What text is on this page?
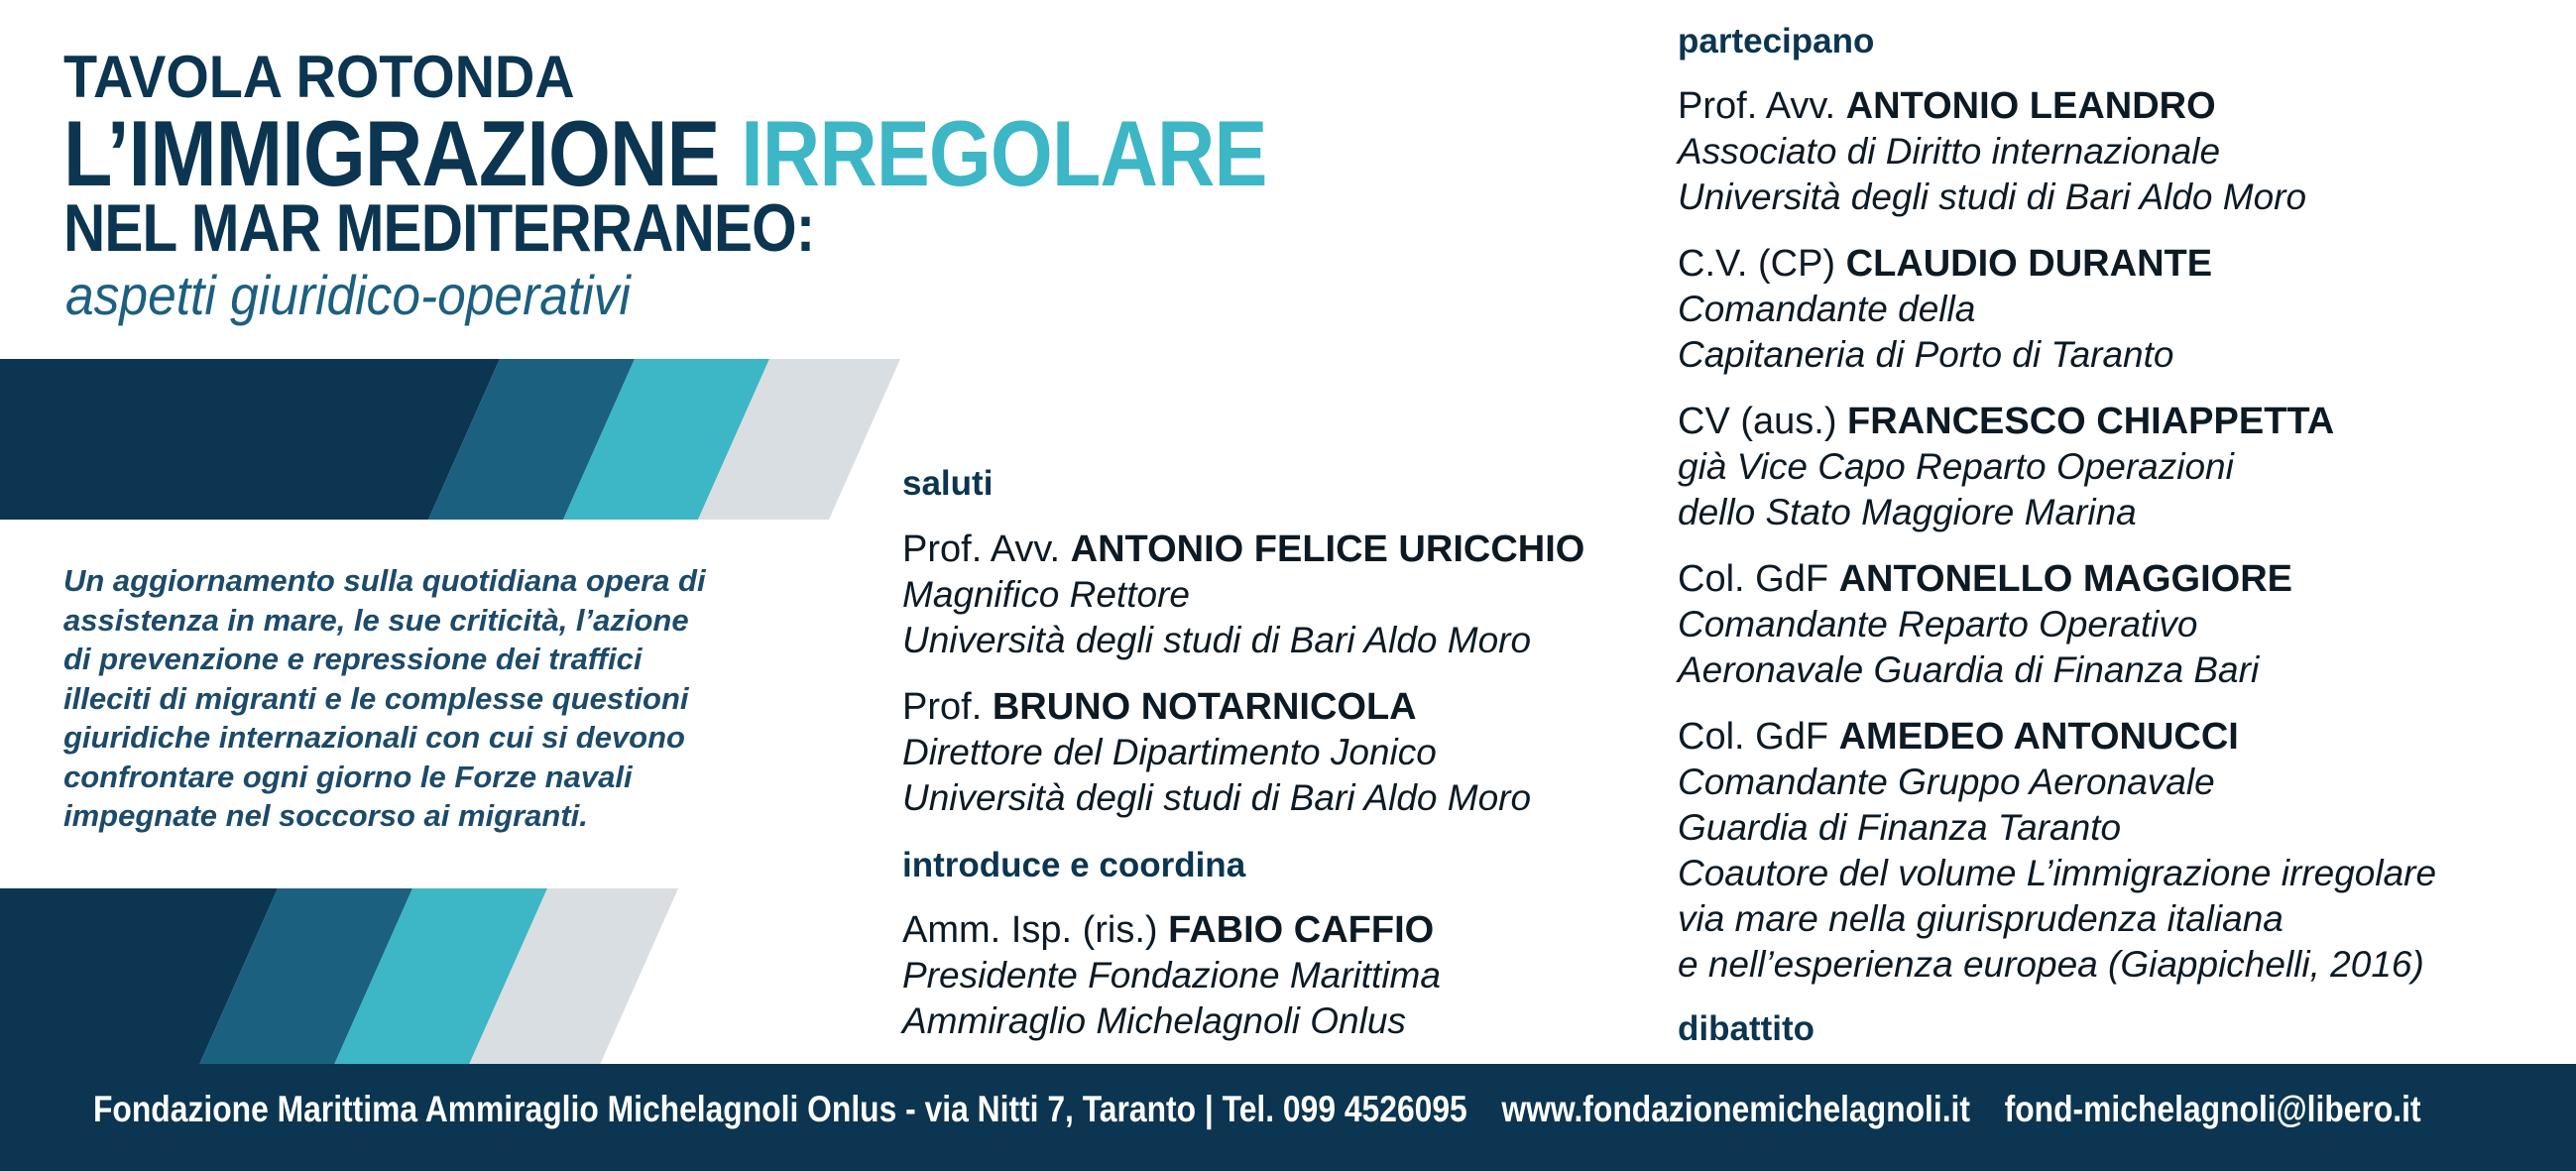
TAVOLA ROTONDA
L’IMMIGRAZIONE IRREGOLARE
NEL MAR MEDITERRANEO:
aspetti giuridico-operativi
Un aggiornamento sulla quotidiana opera di
assistenza in mare, le sue criticità, l’azione
di prevenzione e repressione dei traffici
illeciti di migranti e le complesse questioni
giuridiche internazionali con cui si devono
confrontare ogni giorno le Forze navali
impegnate nel soccorso ai migranti.
saluti
Prof. Avv. ANTONIO FELICE URICCHIO
Magnifico Rettore
Università degli studi di Bari Aldo Moro
Prof. BRUNO NOTARNICOLA
Direttore del Dipartimento Jonico
Università degli studi di Bari Aldo Moro
introduce e coordina
Amm. Isp. (ris.) FABIO CAFFIO
Presidente Fondazione Marittima
Ammiraglio Michelagnoli Onlus
partecipano
Prof. Avv. ANTONIO LEANDRO
Associato di Diritto internazionale
Università degli studi di Bari Aldo Moro
C.V. (CP) CLAUDIO DURANTE
Comandante della
Capitaneria di Porto di Taranto
CV (aus.) FRANCESCO CHIAPPETTA
già Vice Capo Reparto Operazioni
dello Stato Maggiore Marina
Col. GdF ANTONELLO MAGGIORE
Comandante Reparto Operativo
Aeronavale Guardia di Finanza Bari
Col. GdF AMEDEO ANTONUCCI
Comandante Gruppo Aeronavale
Guardia di Finanza Taranto
Coautore del volume L’immigrazione irregolare
via mare nella giurisprudenza italiana
e nell’esperienza europea (Giappichelli, 2016)
dibattito
Fondazione Marittima Ammiraglio Michelagnoli Onlus - via Nitti 7, Taranto | Tel. 099 4526095 www.fondazionemichelagnoli.it fond-michelagnoli@libero.it
